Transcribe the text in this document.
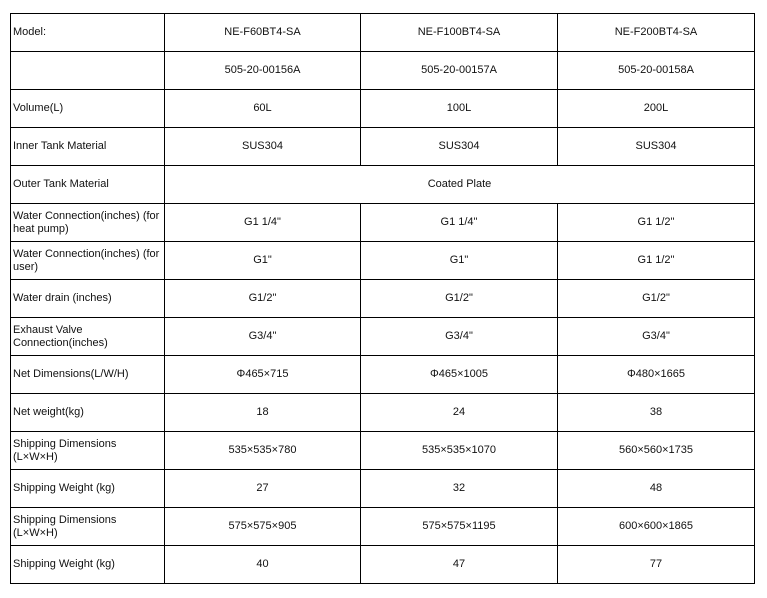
Model:	NE-F60BT4-SA	NE-F100BT4-SA	NE-F200BT4-SA
	505-20-00156A	505-20-00157A	505-20-00158A
Volume(L)	60L	100L	200L
Inner Tank Material	SUS304	SUS304	SUS304
Outer Tank Material	Coated Plate		
Water Connection(inches) (for heat pump)	G1 1/4"	G1 1/4"	G1 1/2"
Water Connection(inches) (for user)	G1"	G1"	G1 1/2"
Water drain (inches)	G1/2"	G1/2"	G1/2"
Exhaust Valve Connection(inches)	G3/4"	G3/4"	G3/4"
Net Dimensions(L/W/H)	Φ465×715	Φ465×1005	Φ480×1665
Net weight(kg)	18	24	38
Shipping Dimensions (L×W×H)	535×535×780	535×535×1070	560×560×1735
Shipping Weight (kg)	27	32	48
Shipping Dimensions (L×W×H)	575×575×905	575×575×1195	600×600×1865
Shipping Weight (kg)	40	47	77
